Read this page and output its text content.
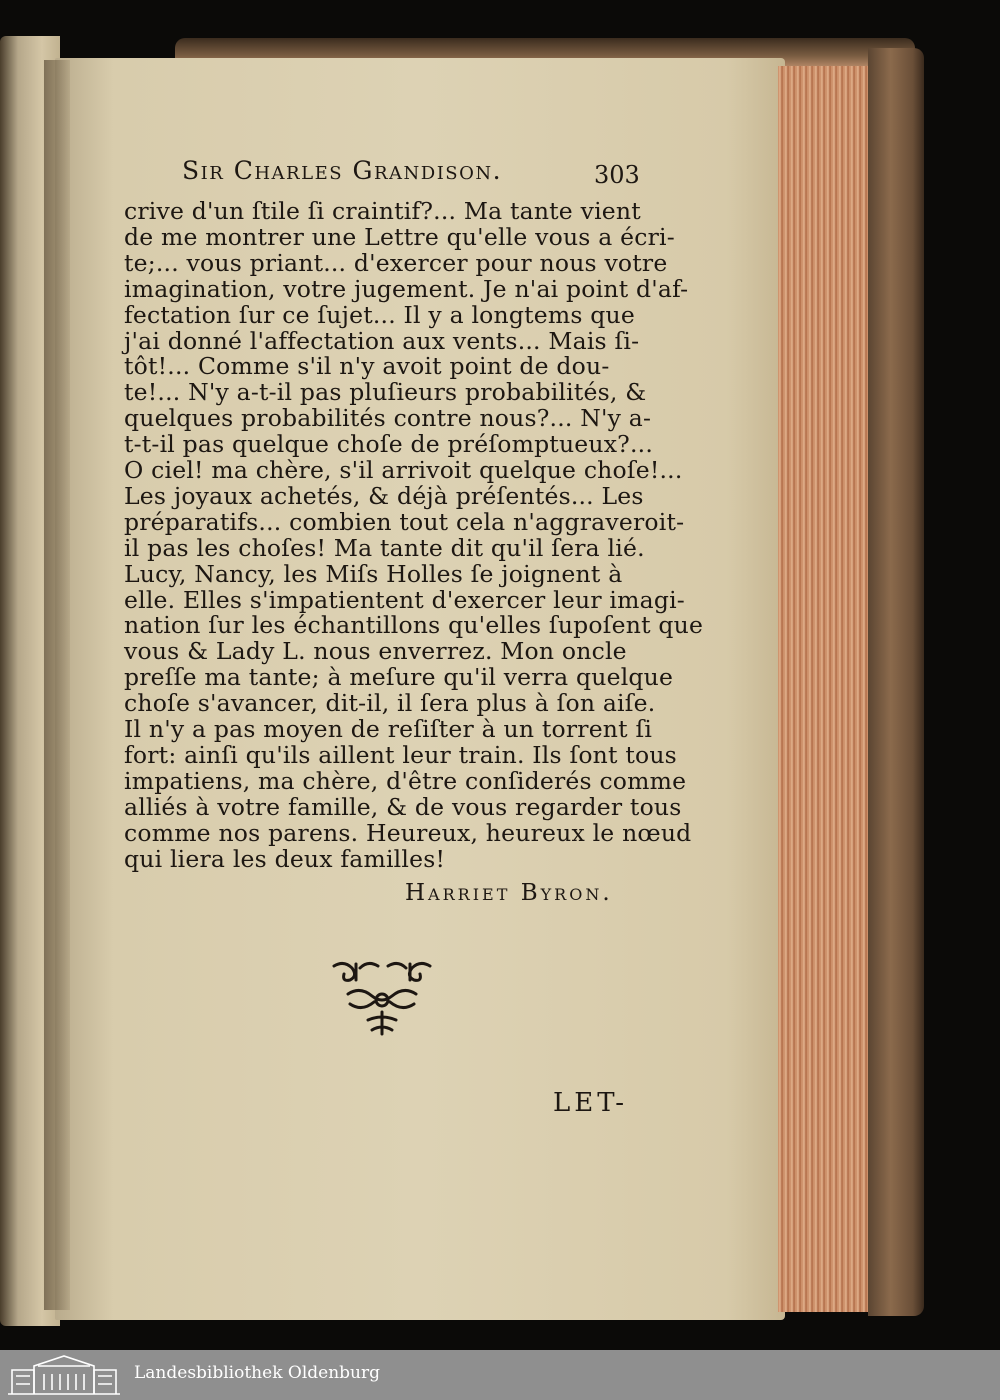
Sir Charles Grandison.	303
crive d'un ſtile ſi craintif?... Ma tante vient
de me montrer une Lettre qu'elle vous a écri-
te;... vous priant... d'exercer pour nous votre
imagination, votre jugement. Je n'ai point d'af-
fectation ſur ce ſujet... Il y a longtems que
j'ai donné l'affectation aux vents... Mais ſi-
tôt!... Comme s'il n'y avoit point de dou-
te!... N'y a-t-il pas pluſieurs probabilités, &
quelques probabilités contre nous?... N'y a-
t-t-il pas quelque choſe de préſomptueux?...
O ciel! ma chère, s'il arrivoit quelque choſe!...
Les joyaux achetés, & déjà préſentés... Les
préparatifs... combien tout cela n'aggraveroit-
il pas les choſes! Ma tante dit qu'il ſera lié.
Lucy, Nancy, les Miſs Holles ſe joignent à
elle. Elles s'impatientent d'exercer leur imagi-
nation ſur les échantillons qu'elles ſupoſent que
vous & Lady L. nous enverrez. Mon oncle
preſſe ma tante; à meſure qu'il verra quelque
choſe s'avancer, dit-il, il ſera plus à ſon aiſe.
Il n'y a pas moyen de reſiſter à un torrent ſi
fort: ainſi qu'ils aillent leur train. Ils ſont tous
impatiens, ma chère, d'être conſiderés comme
alliés à votre famille, & de vous regarder tous
comme nos parens. Heureux, heureux le nœud
qui liera les deux familles!
Harriet Byron.
LET-
Landesbibliothek Oldenburg
